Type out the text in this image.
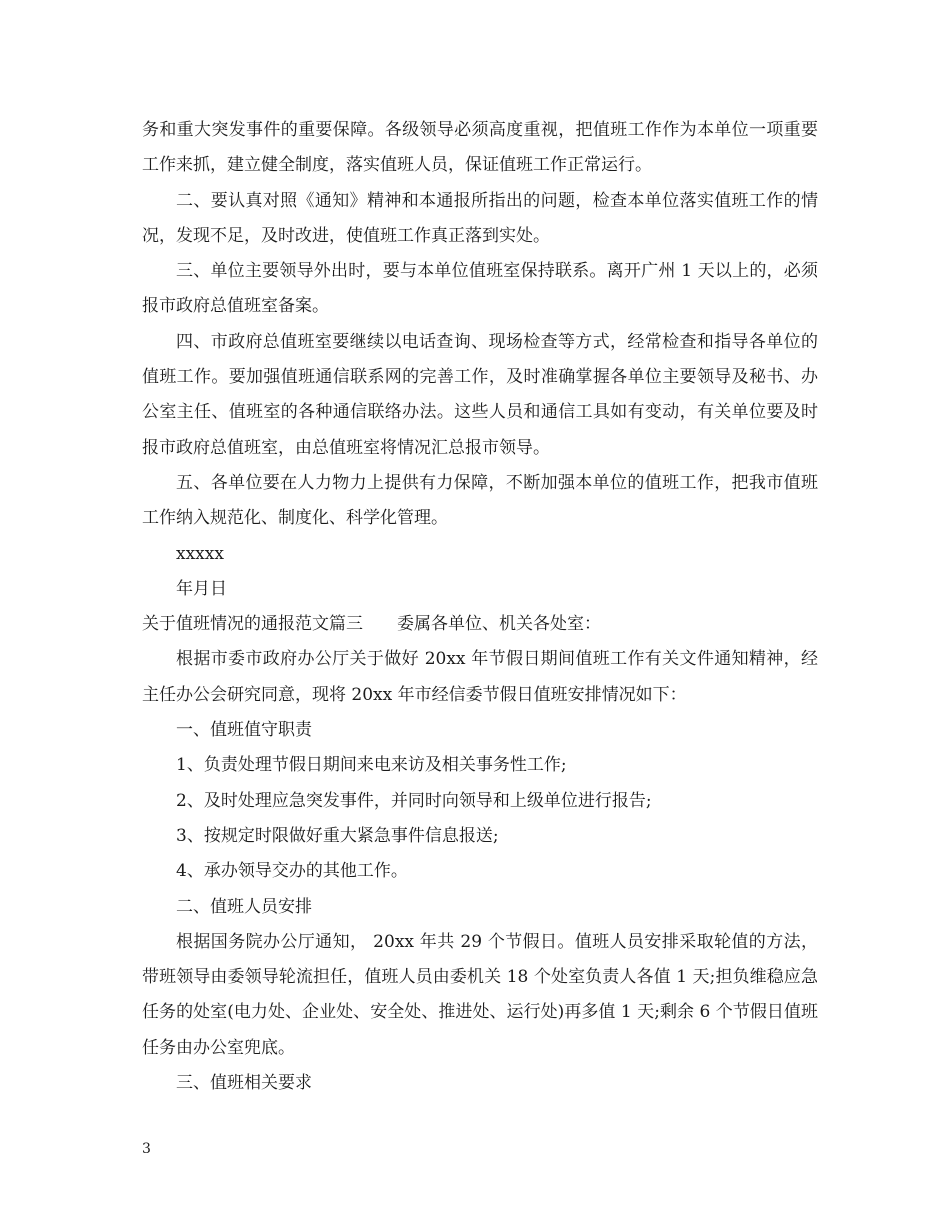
务和重大突发事件的重要保障。各级领导必须高度重视，把值班工作作为本单位一项重要工作来抓，建立健全制度，落实值班人员，保证值班工作正常运行。

二、要认真对照《通知》精神和本通报所指出的问题，检查本单位落实值班工作的情况，发现不足，及时改进，使值班工作真正落到实处。

三、单位主要领导外出时，要与本单位值班室保持联系。离开广州 1 天以上的，必须报市政府总值班室备案。

四、市政府总值班室要继续以电话查询、现场检查等方式，经常检查和指导各单位的值班工作。要加强值班通信联系网的完善工作，及时准确掌握各单位主要领导及秘书、办公室主任、值班室的各种通信联络办法。这些人员和通信工具如有变动，有关单位要及时报市政府总值班室，由总值班室将情况汇总报市领导。

五、各单位要在人力物力上提供有力保障，不断加强本单位的值班工作，把我市值班工作纳入规范化、制度化、科学化管理。

xxxxx

年月日

关于值班情况的通报范文篇三　　委属各单位、机关各处室：

根据市委市政府办公厅关于做好 20xx 年节假日期间值班工作有关文件通知精神，经主任办公会研究同意，现将 20xx 年市经信委节假日值班安排情况如下：

一、值班值守职责

1、负责处理节假日期间来电来访及相关事务性工作;

2、及时处理应急突发事件，并同时向领导和上级单位进行报告;

3、按规定时限做好重大紧急事件信息报送;

4、承办领导交办的其他工作。

二、值班人员安排

根据国务院办公厅通知， 20xx 年共 29 个节假日。值班人员安排采取轮值的方法，带班领导由委领导轮流担任，值班人员由委机关 18 个处室负责人各值 1 天;担负维稳应急任务的处室(电力处、企业处、安全处、推进处、运行处)再多值 1 天;剩余 6 个节假日值班任务由办公室兜底。

三、值班相关要求

3
